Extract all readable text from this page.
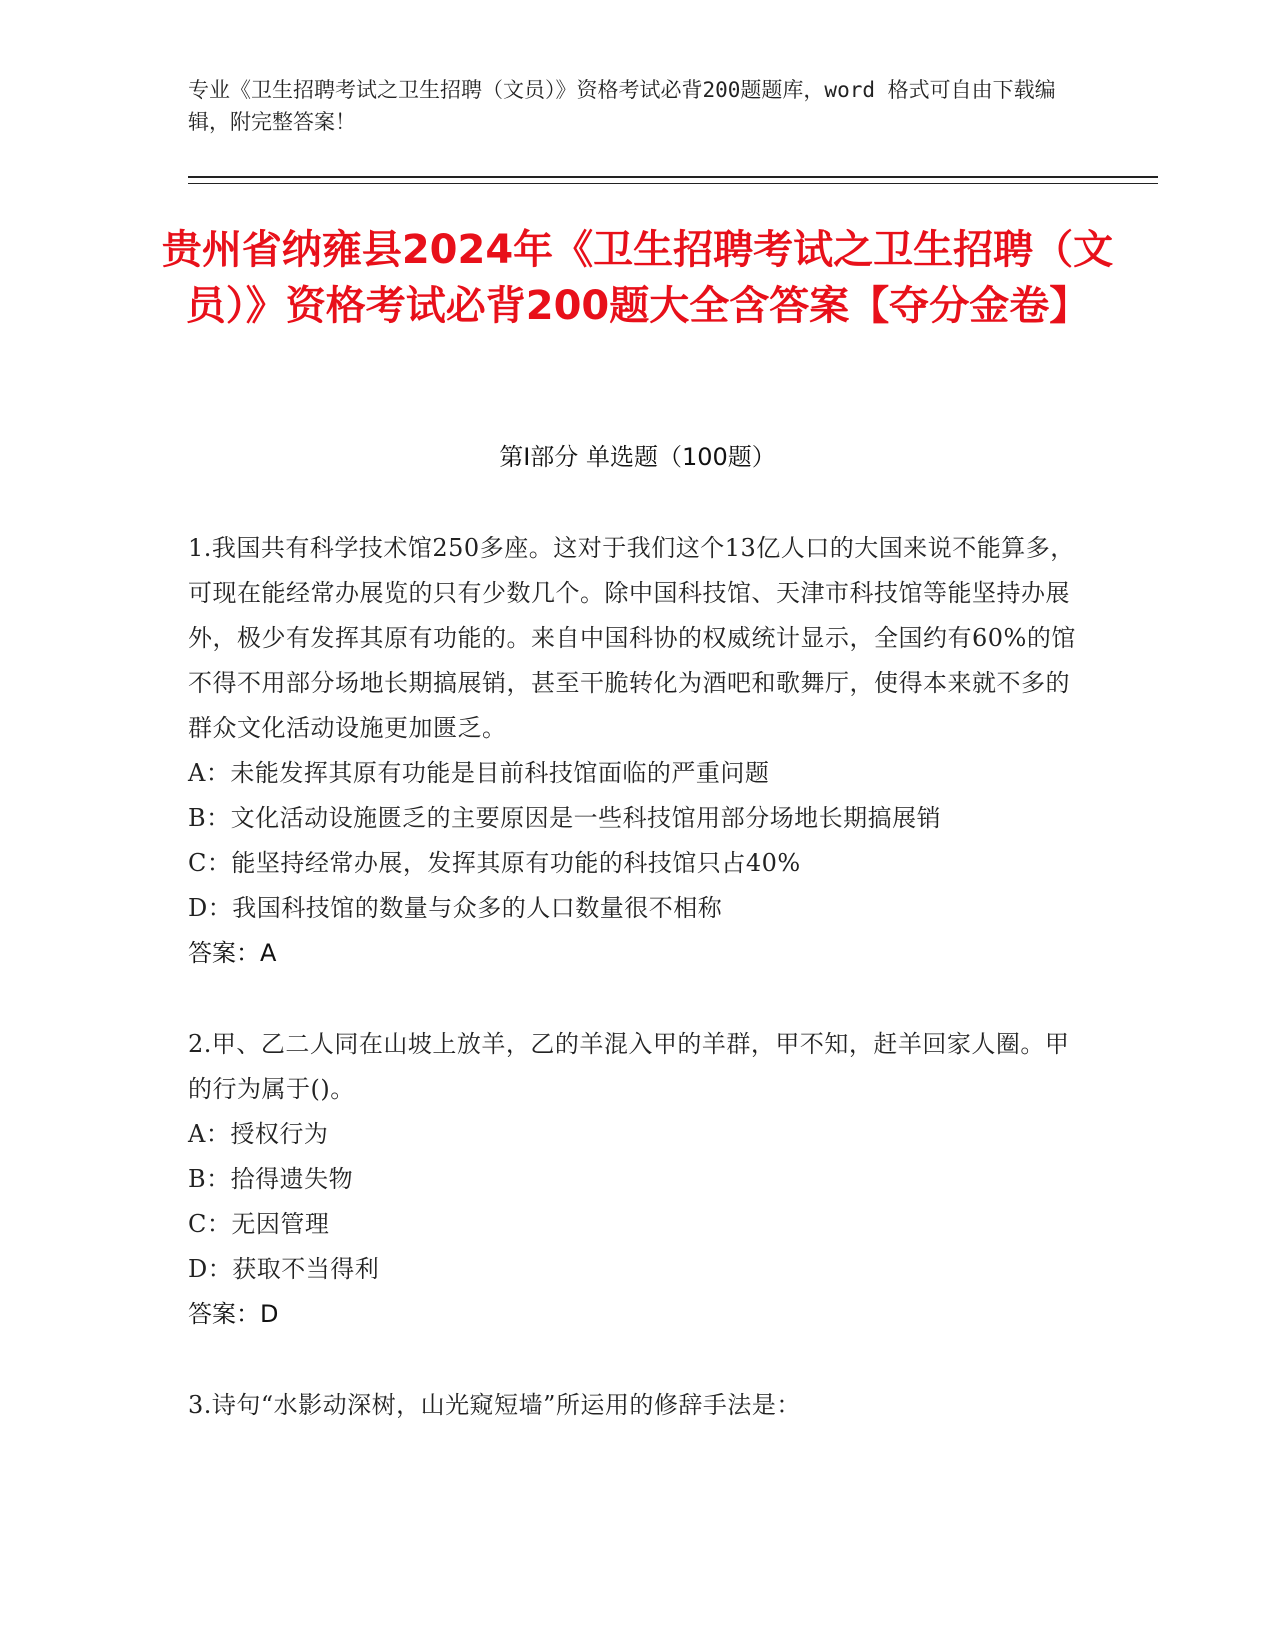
专业《卫生招聘考试之卫生招聘（文员）》资格考试必背200题题库，word 格式可自由下载编辑，附完整答案！
贵州省纳雍县2024年《卫生招聘考试之卫生招聘（文员）》资格考试必背200题大全含答案【夺分金卷】
第Ⅰ部分 单选题（100题）
1.我国共有科学技术馆250多座。这对于我们这个13亿人口的大国来说不能算多，可现在能经常办展览的只有少数几个。除中国科技馆、天津市科技馆等能坚持办展外，极少有发挥其原有功能的。来自中国科协的权威统计显示，全国约有60%的馆不得不用部分场地长期搞展销，甚至干脆转化为酒吧和歌舞厅，使得本来就不多的群众文化活动设施更加匮乏。
A：未能发挥其原有功能是目前科技馆面临的严重问题
B：文化活动设施匮乏的主要原因是一些科技馆用部分场地长期搞展销
C：能坚持经常办展，发挥其原有功能的科技馆只占40%
D：我国科技馆的数量与众多的人口数量很不相称
答案：A
2.甲、乙二人同在山坡上放羊，乙的羊混入甲的羊群，甲不知，赶羊回家人圈。甲的行为属于()。
A：授权行为
B：拾得遗失物
C：无因管理
D：获取不当得利
答案：D
3.诗句“水影动深树，山光窥短墙”所运用的修辞手法是：
